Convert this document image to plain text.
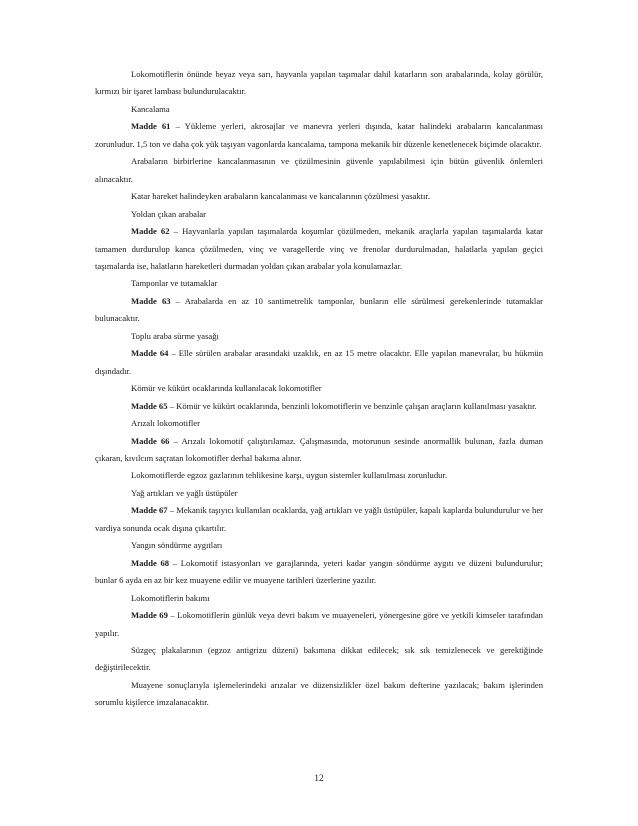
Lokomotiflerin önünde beyaz veya sarı, hayvanla yapılan taşımalar dahil katarların son arabalarında, kolay görülür, kırmızı bir işaret lambası bulundurulacaktır.

Kancalama

Madde 61 – Yükleme yerleri, akrosajlar ve manevra yerleri dışında, katar halindeki arabaların kancalanması zorunludur. 1,5 ton ve daha çok yük taşıyan vagonlarda kancalama, tampona mekanik bir düzenle kenetlenecek biçimde olacaktır.

Arabaların birbirlerine kancalanmasının ve çözülmesinin güvenle yapılabilmesi için bütün güvenlik önlemleri alınacaktır.

Katar hareket halindeyken arabaların kancalanması ve kancalarının çözülmesi yasaktır.

Yoldan çıkan arabalar

Madde 62 – Hayvanlarla yapılan taşımalarda koşumlar çözülmeden, mekanik araçlarla yapılan taşımalarda katar tamamen durdurulup kanca çözülmeden, vinç ve varagellerde vinç ve frenolar durdurulmadan, halatlarla yapılan geçici taşımalarda ise, halatların hareketleri durmadan yoldan çıkan arabalar yola konulamazlar.

Tamponlar ve tutamaklar

Madde 63 – Arabalarda en az 10 santimetrelik tamponlar, bunların elle sürülmesi gerekenlerinde tutamaklar bulunacaktır.

Toplu araba sürme yasağı

Madde 64 – Elle sürülen arabalar arasındaki uzaklık, en az 15 metre olacaktır. Elle yapılan manevralar, bu hükmün dışındadır.

Kömür ve kükürt ocaklarında kullanılacak lokomotifler

Madde 65 – Kömür ve kükürt ocaklarında, benzinli lokomotiflerin ve benzinle çalışan araçların kullanılması yasaktır.

Arızalı lokomotifler

Madde 66 – Arızalı lokomotif çalıştırılamaz. Çalışmasında, motorunun sesinde anormallik bulunan, fazla duman çıkaran, kıvılcım saçratan lokomotifler derhal bakıma alınır.

Lokomotiflerde egzoz gazlarının tehlikesine karşı, uygun sistemler kullanılması zorunludur.

Yağ artıkları ve yağlı üstüpüler

Madde 67 – Mekanik taşıyıcı kullanılan ocaklarda, yağ artıkları ve yağlı üstüpüler, kapalı kaplarda bulundurulur ve her vardiya sonunda ocak dışına çıkartılır.

Yangın söndürme aygıtları

Madde 68 – Lokomotif istasyonları ve garajlarında, yeteri kadar yangın söndürme aygıtı ve düzeni bulundurulur; bunlar 6 ayda en az bir kez muayene edilir ve muayene tarihleri üzerlerine yazılır.

Lokomotiflerin bakımı

Madde 69 – Lokomotiflerin günlük veya devri bakım ve muayeneleri, yönergesine göre ve yetkili kimseler tarafından yapılır.

Süzgeç plakalarının (egzoz antigrizu düzeni) bakımına dikkat edilecek; sık sık temizlenecek ve gerektiğinde değiştirilecektir.

Muayene sonuçlarıyla işlemelerindeki arızalar ve düzensizlikler özel bakım defterine yazılacak; bakım işlerinden sorumlu kişilerce imzalanacaktır.

12
